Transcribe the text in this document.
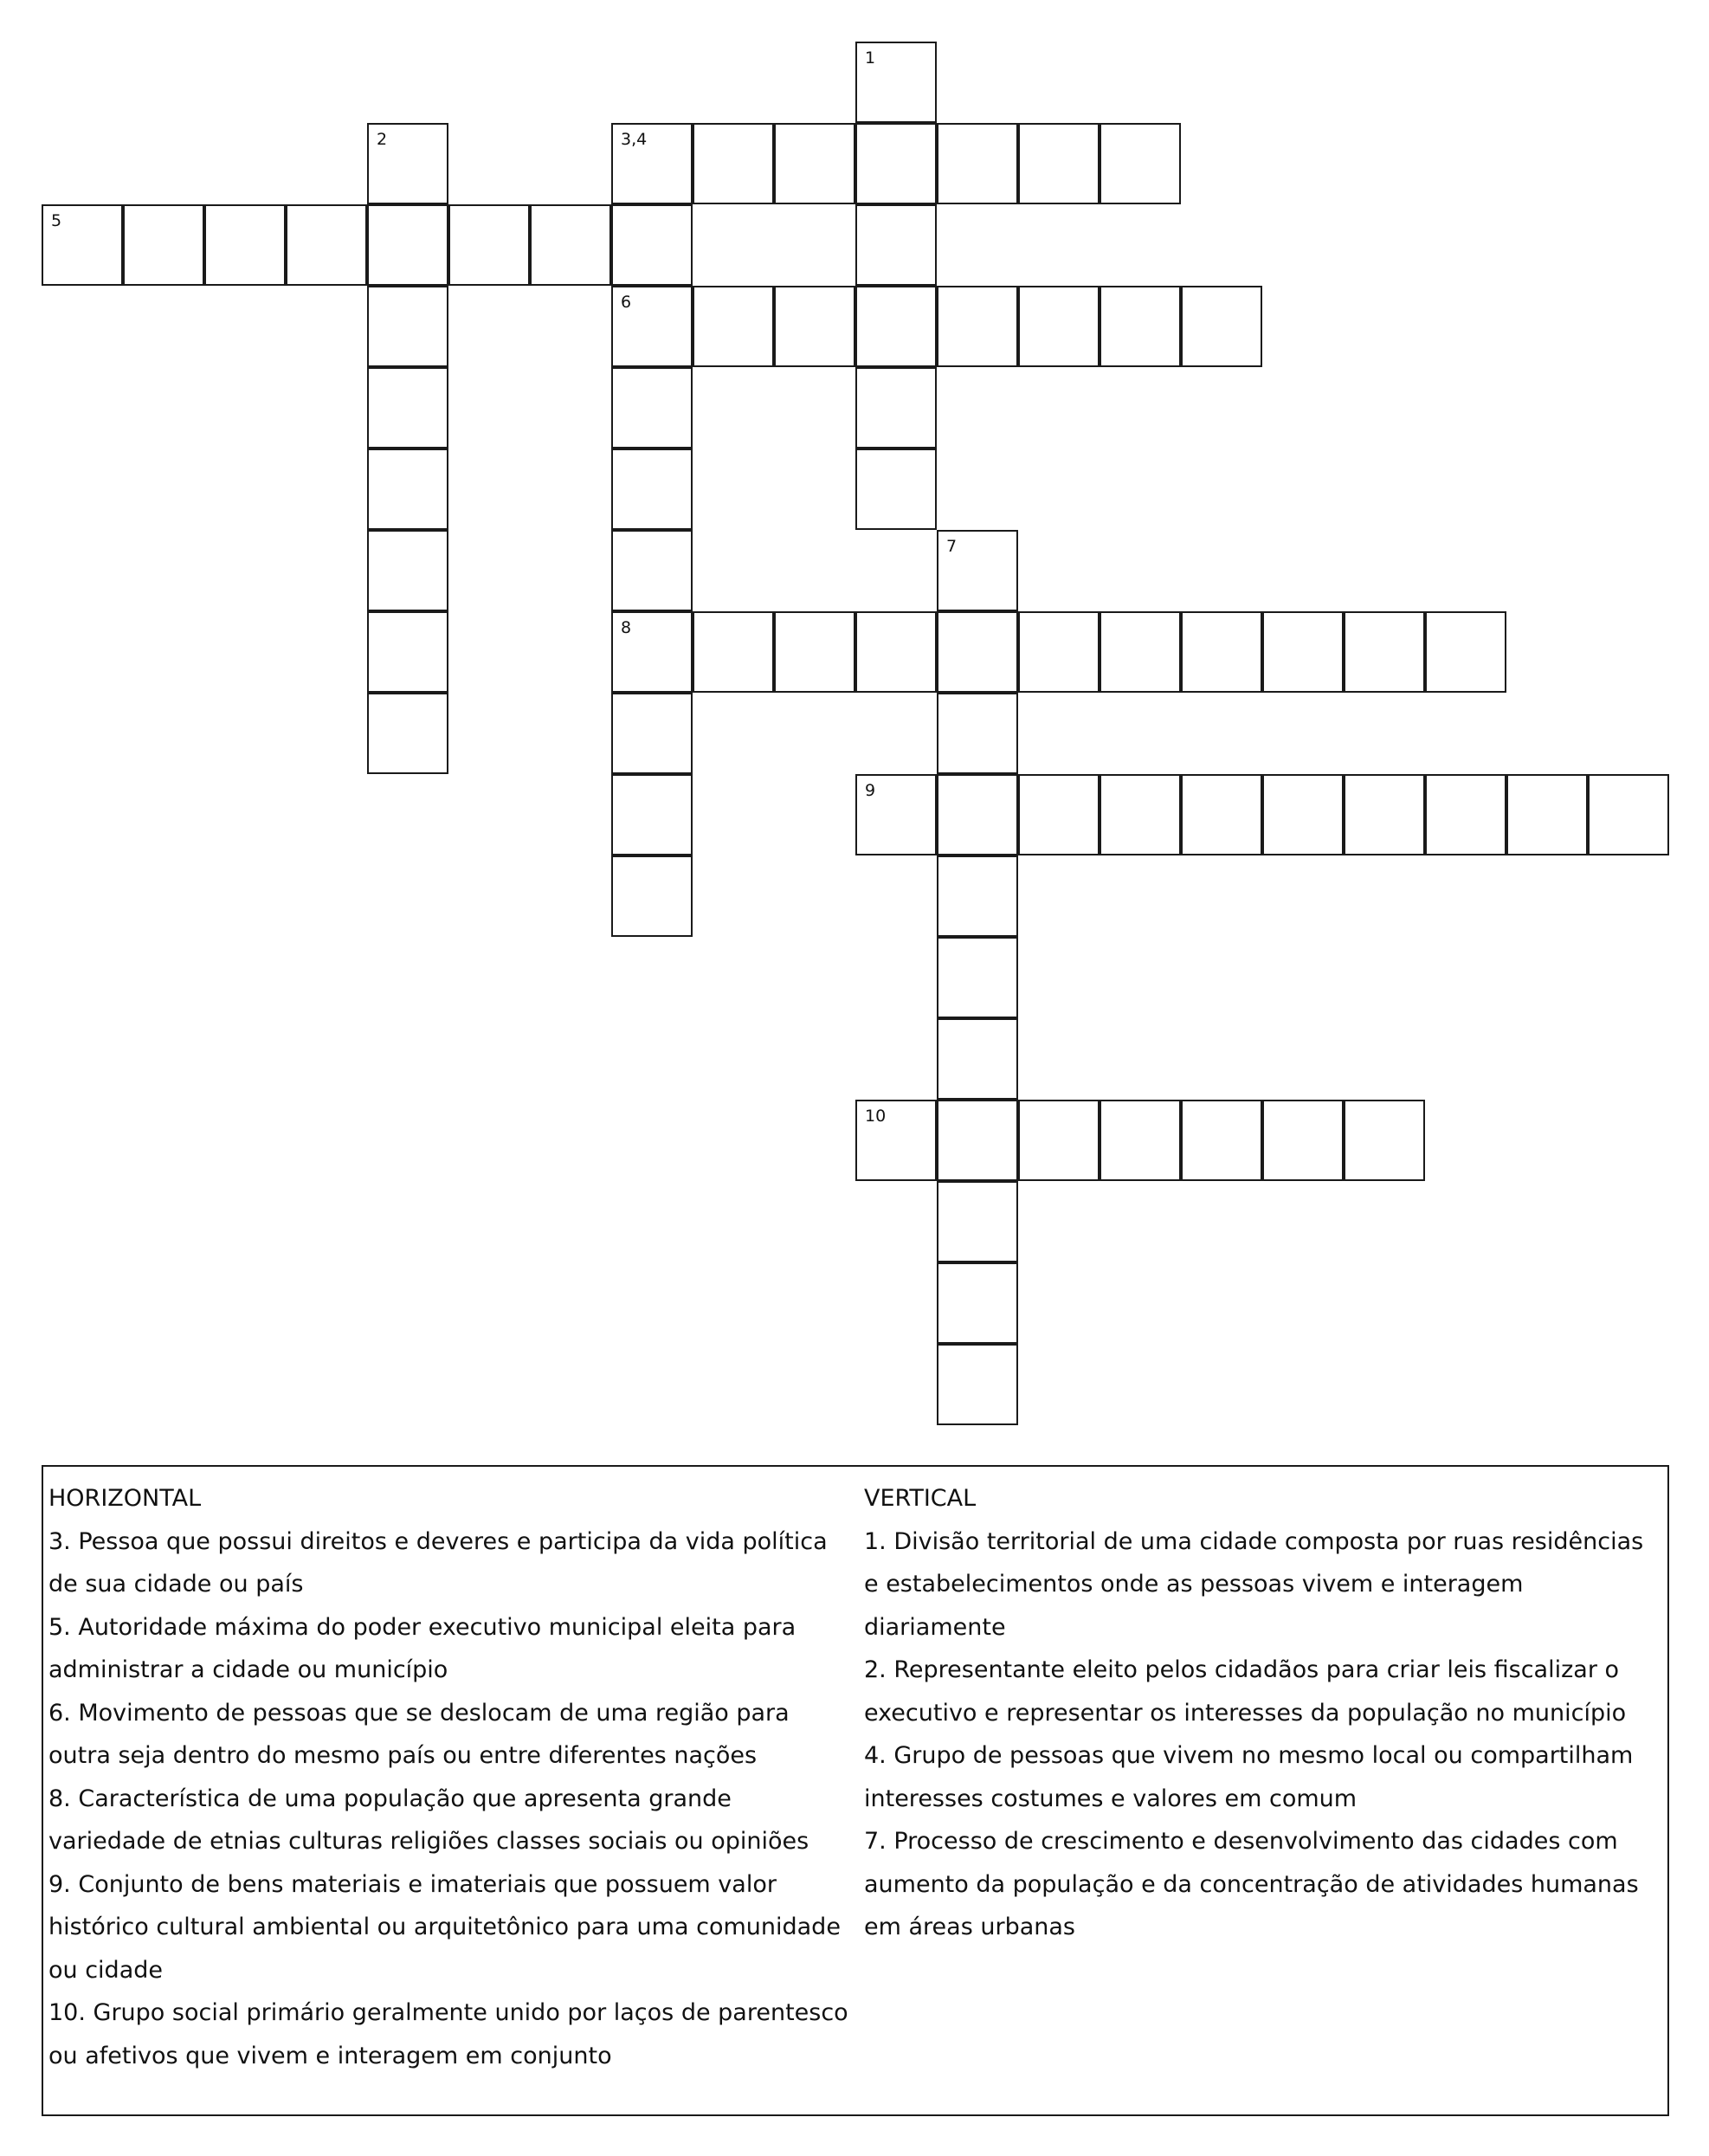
1
2	3,4
6
8
5
7
9
10
HORIZONTAL

3. Pessoa que possui direitos e deveres e participa da vida política de sua cidade ou país

5. Autoridade máxima do poder executivo municipal eleita para administrar a cidade ou município

6. Movimento de pessoas que se deslocam de uma região para outra seja dentro do mesmo país ou entre diferentes nações

8. Característica de uma população que apresenta grande variedade de etnias culturas religiões classes sociais ou opiniões

9. Conjunto de bens materiais e imateriais que possuem valor histórico cultural ambiental ou arquitetônico para uma comunidade ou cidade

10. Grupo social primário geralmente unido por laços de parentesco ou afetivos que vivem e interagem em conjunto

VERTICAL

1. Divisão territorial de uma cidade composta por ruas residências e estabelecimentos onde as pessoas vivem e interagem diariamente

2. Representante eleito pelos cidadãos para criar leis fiscalizar o executivo e representar os interesses da população no município

4. Grupo de pessoas que vivem no mesmo local ou compartilham interesses costumes e valores em comum

7. Processo de crescimento e desenvolvimento das cidades com aumento da população e da concentração de atividades humanas em áreas urbanas
